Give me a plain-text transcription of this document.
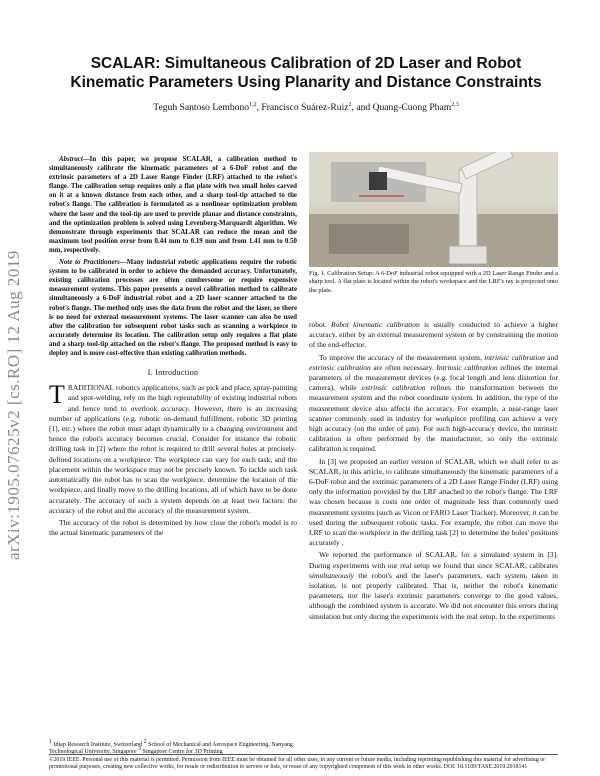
arXiv:1905.07625v2 [cs.RO] 12 Aug 2019
SCALAR: Simultaneous Calibration of 2D Laser and Robot Kinematic Parameters Using Planarity and Distance Constraints
Teguh Santoso Lembono$^{1,2}$, Francisco Suárez-Ruiz$^2$, and Quang-Cuong Pham$^{2,3}$

Abstract—In this paper, we propose SCALAR, a calibration method to simultaneously calibrate the kinematic parameters of a 6-DoF robot and the extrinsic parameters of a 2D Laser Range Finder (LRF) attached to the robot's flange. The calibration setup requires only a flat plate with two small holes carved on it at a known distance from each other, and a sharp tool-tip attached to the robot's flange. The calibration is formulated as a nonlinear optimization problem where the laser and the tool-tip are used to provide planar and distance constraints, and the optimization problem is solved using Levenberg-Marquardt algorithm. We demonstrate through experiments that SCALAR can reduce the mean and the maximum tool position error from 0.44 mm to 0.19 mm and from 1.41 mm to 0.50 mm, respectively.

Note to Practitioners—Many industrial robotic applications require the robotic system to be calibrated in order to achieve the demanded accuracy. Unfortunately, existing calibration processes are often cumbersome or require expensive measurement systems. This paper presents a novel calibration method to calibrate simultaneously a 6-DoF industrial robot and a 2D laser scanner attached to the robot's flange. The method only uses the data from the robot and the laser, so there is no need for external measurement systems. The laser scanner can also be used after the calibration for subsequent robot tasks such as scanning a workpiece to accurately determine its location. The calibration setup only requires a flat plate and a sharp tool-tip attached on the robot's flange. The proposed method is easy to deploy and is more cost-effective than existing calibration methods.

I. Introduction

TRADITIONAL robotics applications, such as pick and place, spray-painting and spot-welding, rely on the high repeatability of existing industrial robots and hence tend to overlook accuracy. However, there is an increasing number of applications (e.g. robotic on-demand fulfillment, robotic 3D printing [1], etc.) where the robot must adapt dynamically to a changing environment and hence the robot's accuracy becomes crucial. Consider for instance the robotic drilling task in [2] where the robot is required to drill several holes at precisely-defined locations on a workpiece. The workpiece can vary for each task, and the placement within the workspace may not be precisely known. To tackle such task automatically the robot has to scan the workpiece, determine the location of the workpiece, and finally move to the drilling locations, all of which have to be done accurately. The accuracy of such a system depends on at least two factors: the accuracy of the robot and the accuracy of the measurement system.

The accuracy of the robot is determined by how close the robot's model is to the actual kinematic parameters of the

Fig. 1. Calibration Setup: A 6-DoF industrial robot equipped with a 2D Laser Range Finder and a sharp tool. A flat plate is located within the robot's workspace and the LRF's ray is projected onto the plate.

robot. Robot kinematic calibration is usually conducted to achieve a higher accuracy, either by an external measurement system or by constraining the motion of the end-effector.

To improve the accuracy of the measurement system, intrinsic calibration and extrinsic calibration are often necessary. Intrinsic calibration refines the internal parameters of the measurement devices (e.g. focal length and lens distortion for camera), while extrinsic calibration refines the transformation between the measurement system and the robot coordinate system. In addition, the type of the measurement device also affects the accuracy. For example, a near-range laser scanner commonly used in industry for workpiece profiling can achieve a very high accuracy (on the order of µm). For such high-accuracy device, the intrinsic calibration is often performed by the manufacturer, so only the extrinsic calibration is required.

In [3] we proposed an earlier version of SCALAR, which we shall refer to as SCALARₒ in this article, to calibrate simultaneously the kinematic parameters of a 6-DoF robot and the extrinsic parameters of a 2D Laser Range Finder (LRF) using only the information provided by the LRF attached to the robot's flange. The LRF was chosen because it costs one order of magnitude less than commonly used measurement systems (such as Vicon or FARO Laser Tracker). Moreover, it can be used during the subsequent robotic tasks. For example, the robot can move the LRF to scan the workpiece in the drilling task [2] to determine the holes' positions accurately .

We reported the performance of SCALARₒ for a simulated system in [3]. During experiments with our real setup we found that since SCALARₒ calibrates simultaneously the robot's and the laser's parameters, each system, taken in isolation, is not properly calibrated. That is, neither the robot's kinematic parameters, nor the laser's extrinsic parameters converge to the good values, although the combined system is accurate. We did not encounter this errors during simulation but only during the experiments with the real setup. In the experiments

$^1$ Idiap Research Institute, Switzerland $^2$ School of Mechanical and Aerospace Engineering, Nanyang Technological University, Singapore $^3$ Singapore Centre for 3D Printing
©2019 IEEE. Personal use of this material is permitted. Permission from IEEE must be obtained for all other uses, in any current or future media, including reprinting/republishing this material for advertising or promotional purposes, creating new collective works, for resale or redistribution to servers or lists, or reuse of any copyrighted component of this work in other works. DOI: 10.1109/TASE.2019.2918141
